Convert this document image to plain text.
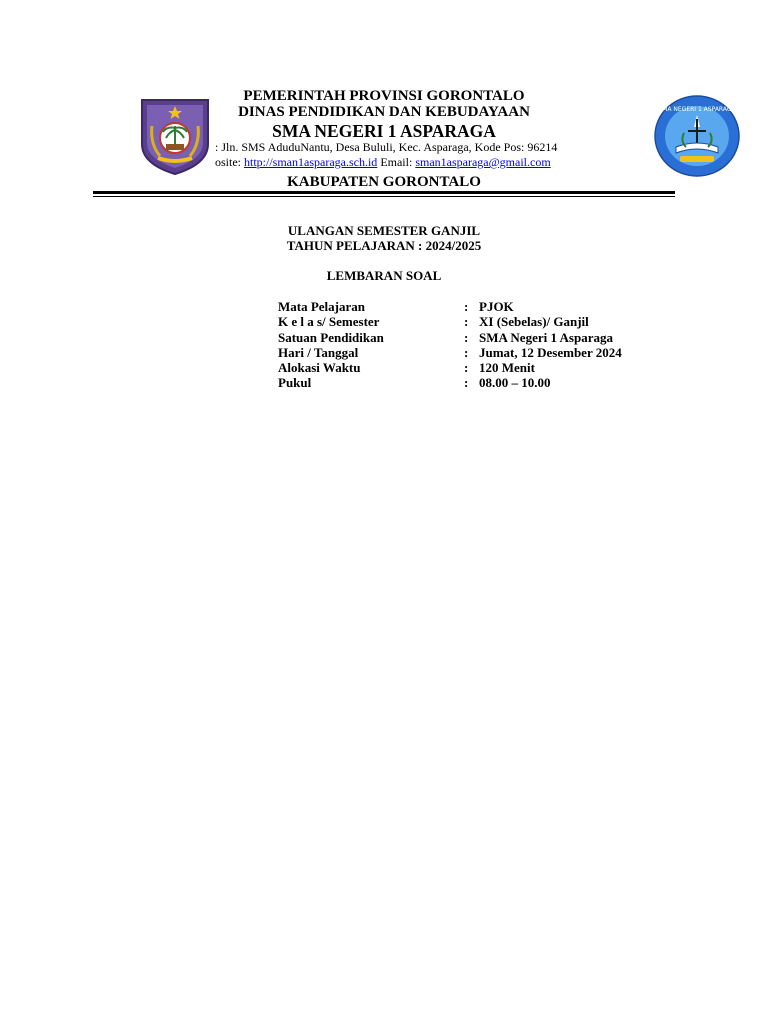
SMA NEGERI 1 ASPARAGA
PEMERINTAH PROVINSI GORONTALO
DINAS PENDIDIKAN DAN KEBUDAYAAN
SMA NEGERI 1 ASPARAGA
: Jln. SMS AduduNantu, Desa Bululi, Kec. Asparaga, Kode Pos: 96214
osite: http://sman1asparaga.sch.id Email: sman1asparaga@gmail.com
KABUPATEN GORONTALO
ULANGAN SEMESTER GANJIL
TAHUN PELAJARAN : 2024/2025
LEMBARAN SOAL
Mata Pelajaran	: PJOK
K e l a s/ Semester	: XI (Sebelas)/ Ganjil
Satuan Pendidikan	: SMA Negeri 1 Asparaga
Hari / Tanggal	: Jumat, 12 Desember 2024
Alokasi Waktu	: 120 Menit
Pukul	: 08.00 – 10.00
